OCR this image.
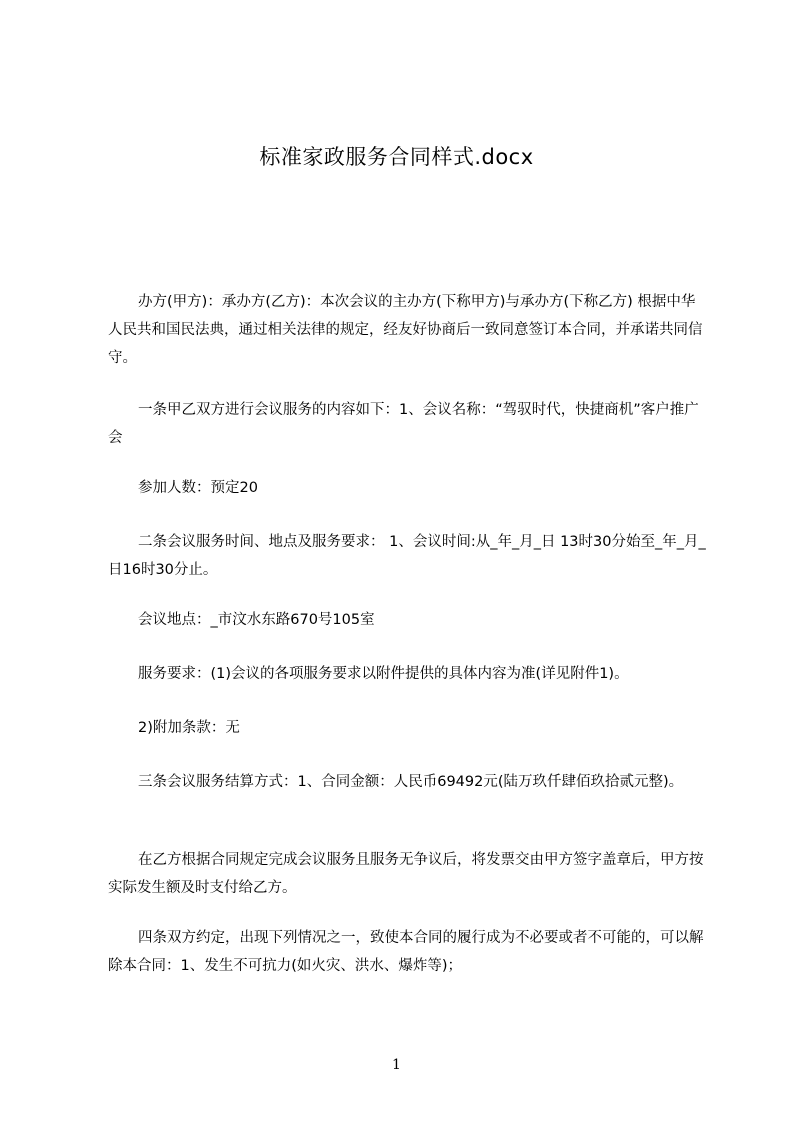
标准家政服务合同样式.docx
办方(甲方)：承办方(乙方)：本次会议的主办方(下称甲方)与承办方(下称乙方) 根据中华人民共和国民法典，通过相关法律的规定，经友好协商后一致同意签订本合同，并承诺共同信守。
一条甲乙双方进行会议服务的内容如下：1、会议名称：“驾驭时代，快捷商机”客户推广会
参加人数：预定20
二条会议服务时间、地点及服务要求： 1、会议时间:从_年_月_日 13时30分始至_年_月_日16时30分止。
会议地点：_市汶水东路670号105室
服务要求：(1)会议的各项服务要求以附件提供的具体内容为准(详见附件1)。
2)附加条款：无
三条会议服务结算方式：1、合同金额：人民币69492元(陆万玖仟肆佰玖拾贰元整)。
在乙方根据合同规定完成会议服务且服务无争议后，将发票交由甲方签字盖章后，甲方按实际发生额及时支付给乙方。
四条双方约定，出现下列情况之一，致使本合同的履行成为不必要或者不可能的，可以解除本合同：1、发生不可抗力(如火灾、洪水、爆炸等)；
1
